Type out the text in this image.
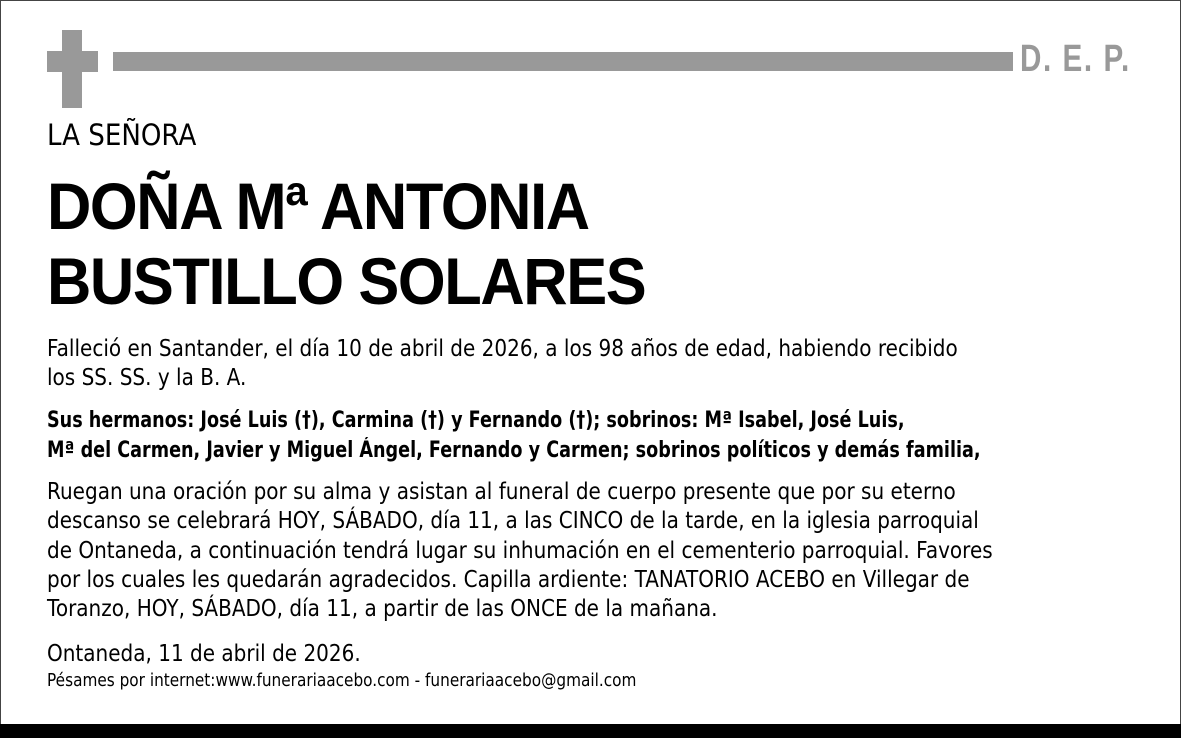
D. E. P.
LA SEÑORA
DOÑA Mª ANTONIA
BUSTILLO SOLARES
Falleció en Santander, el día 10 de abril de 2026, a los 98 años de edad, habiendo recibido
los SS. SS. y la B. A.
Sus hermanos: José Luis (†), Carmina (†) y Fernando (†); sobrinos: Mª Isabel, José Luis,
Mª del Carmen, Javier y Miguel Ángel, Fernando y Carmen; sobrinos políticos y demás familia,
Ruegan una oración por su alma y asistan al funeral de cuerpo presente que por su eterno
descanso se celebrará HOY, SÁBADO, día 11, a las CINCO de la tarde, en la iglesia parroquial
de Ontaneda, a continuación tendrá lugar su inhumación en el cementerio parroquial. Favores
por los cuales les quedarán agradecidos. Capilla ardiente: TANATORIO ACEBO en Villegar de
Toranzo, HOY, SÁBADO, día 11, a partir de las ONCE de la mañana.
Ontaneda, 11 de abril de 2026.
Pésames por internet:www.funerariaacebo.com - funerariaacebo@gmail.com
